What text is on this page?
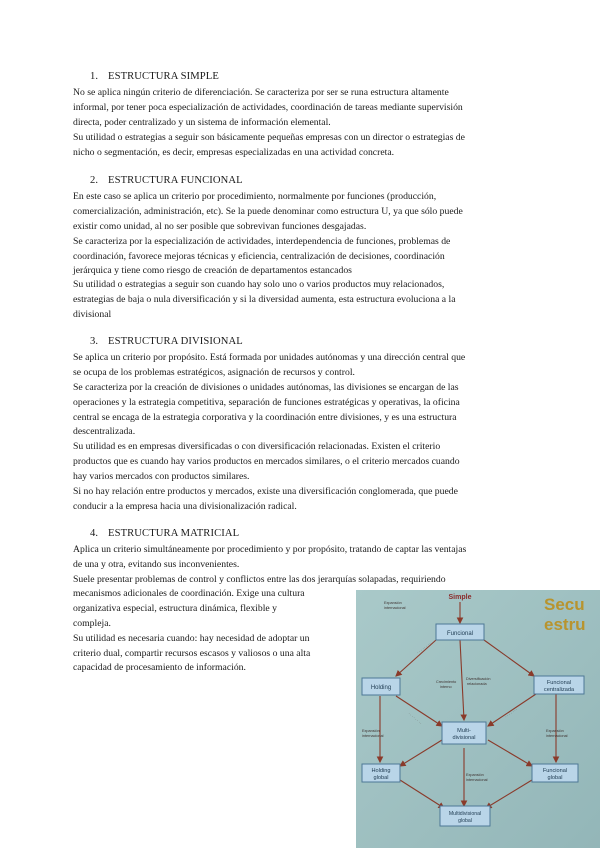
1. ESTRUCTURA SIMPLE
No se aplica ningún criterio de diferenciación. Se caracteriza por ser se runa estructura altamente
informal, por tener poca especialización de actividades, coordinación de tareas mediante supervisión
directa, poder centralizado y un sistema de información elemental.
Su utilidad o estrategias a seguir son básicamente pequeñas empresas con un director o estrategias de
nicho o segmentación, es decir, empresas especializadas en una actividad concreta.
2. ESTRUCTURA FUNCIONAL
En este caso se aplica un criterio por procedimiento, normalmente por funciones (producción,
comercialización, administración, etc). Se la puede denominar como estructura U, ya que sólo puede
existir como unidad, al no ser posible que sobrevivan funciones desgajadas.
Se caracteriza por la especialización de actividades, interdependencia de funciones, problemas de
coordinación, favorece mejoras técnicas y eficiencia, centralización de decisiones, coordinación
jerárquica y tiene como riesgo de creación de departamentos estancados
Su utilidad o estrategias a seguir son cuando hay solo uno o varios productos muy relacionados,
estrategias de baja o nula diversificación y si la diversidad aumenta, esta estructura evoluciona a la
divisional
3. ESTRUCTURA DIVISIONAL
Se aplica un criterio por propósito. Está formada por unidades autónomas y una dirección central que
se ocupa de los problemas estratégicos, asignación de recursos y control.
Se caracteriza por la creación de divisiones o unidades autónomas, las divisiones se encargan de las
operaciones y la estrategia competitiva, separación de funciones estratégicas y operativas, la oficina
central se encaga de la estrategia corporativa y la coordinación entre divisiones, y es una estructura
descentralizada.
Su utilidad es en empresas diversificadas o con diversificación relacionadas. Existen el criterio
productos que es cuando hay varios productos en mercados similares, o el criterio mercados cuando
hay varios mercados con productos similares.
Si no hay relación entre productos y mercados, existe una diversificación conglomerada, que puede
conducir a la empresa hacia una divisionalización radical.
4. ESTRUCTURA MATRICIAL
Aplica un criterio simultáneamente por procedimiento y por propósito, tratando de captar las ventajas
de una y otra, evitando sus inconvenientes.
Suele presentar problemas de control y conflictos entre las dos jerarquías solapadas, requiriendo
mecanismos adicionales de coordinación. Exige una cultura
organizativa especial, estructura dinámica, flexible y
compleja.
Su utilidad es necesaria cuando: hay necesidad de adoptar un
criterio dual, compartir recursos escasos y valiosos o una alta
capacidad de procesamiento de información.
Secu
estru
· · · · · · · ·	· · · · · · · ·
· · · · · · · ·	· · · · · · ·
Crecimiento
interno
Diversificación
relacionada
Expansión
internacional
Expansión
internacional
Expansión
internacional
Expansión
internacional
Simple
Funcional
Holding
Funcional
centralizada
Multi-
divisional
Holding
global
Funcional
global
Multidivisional
global
